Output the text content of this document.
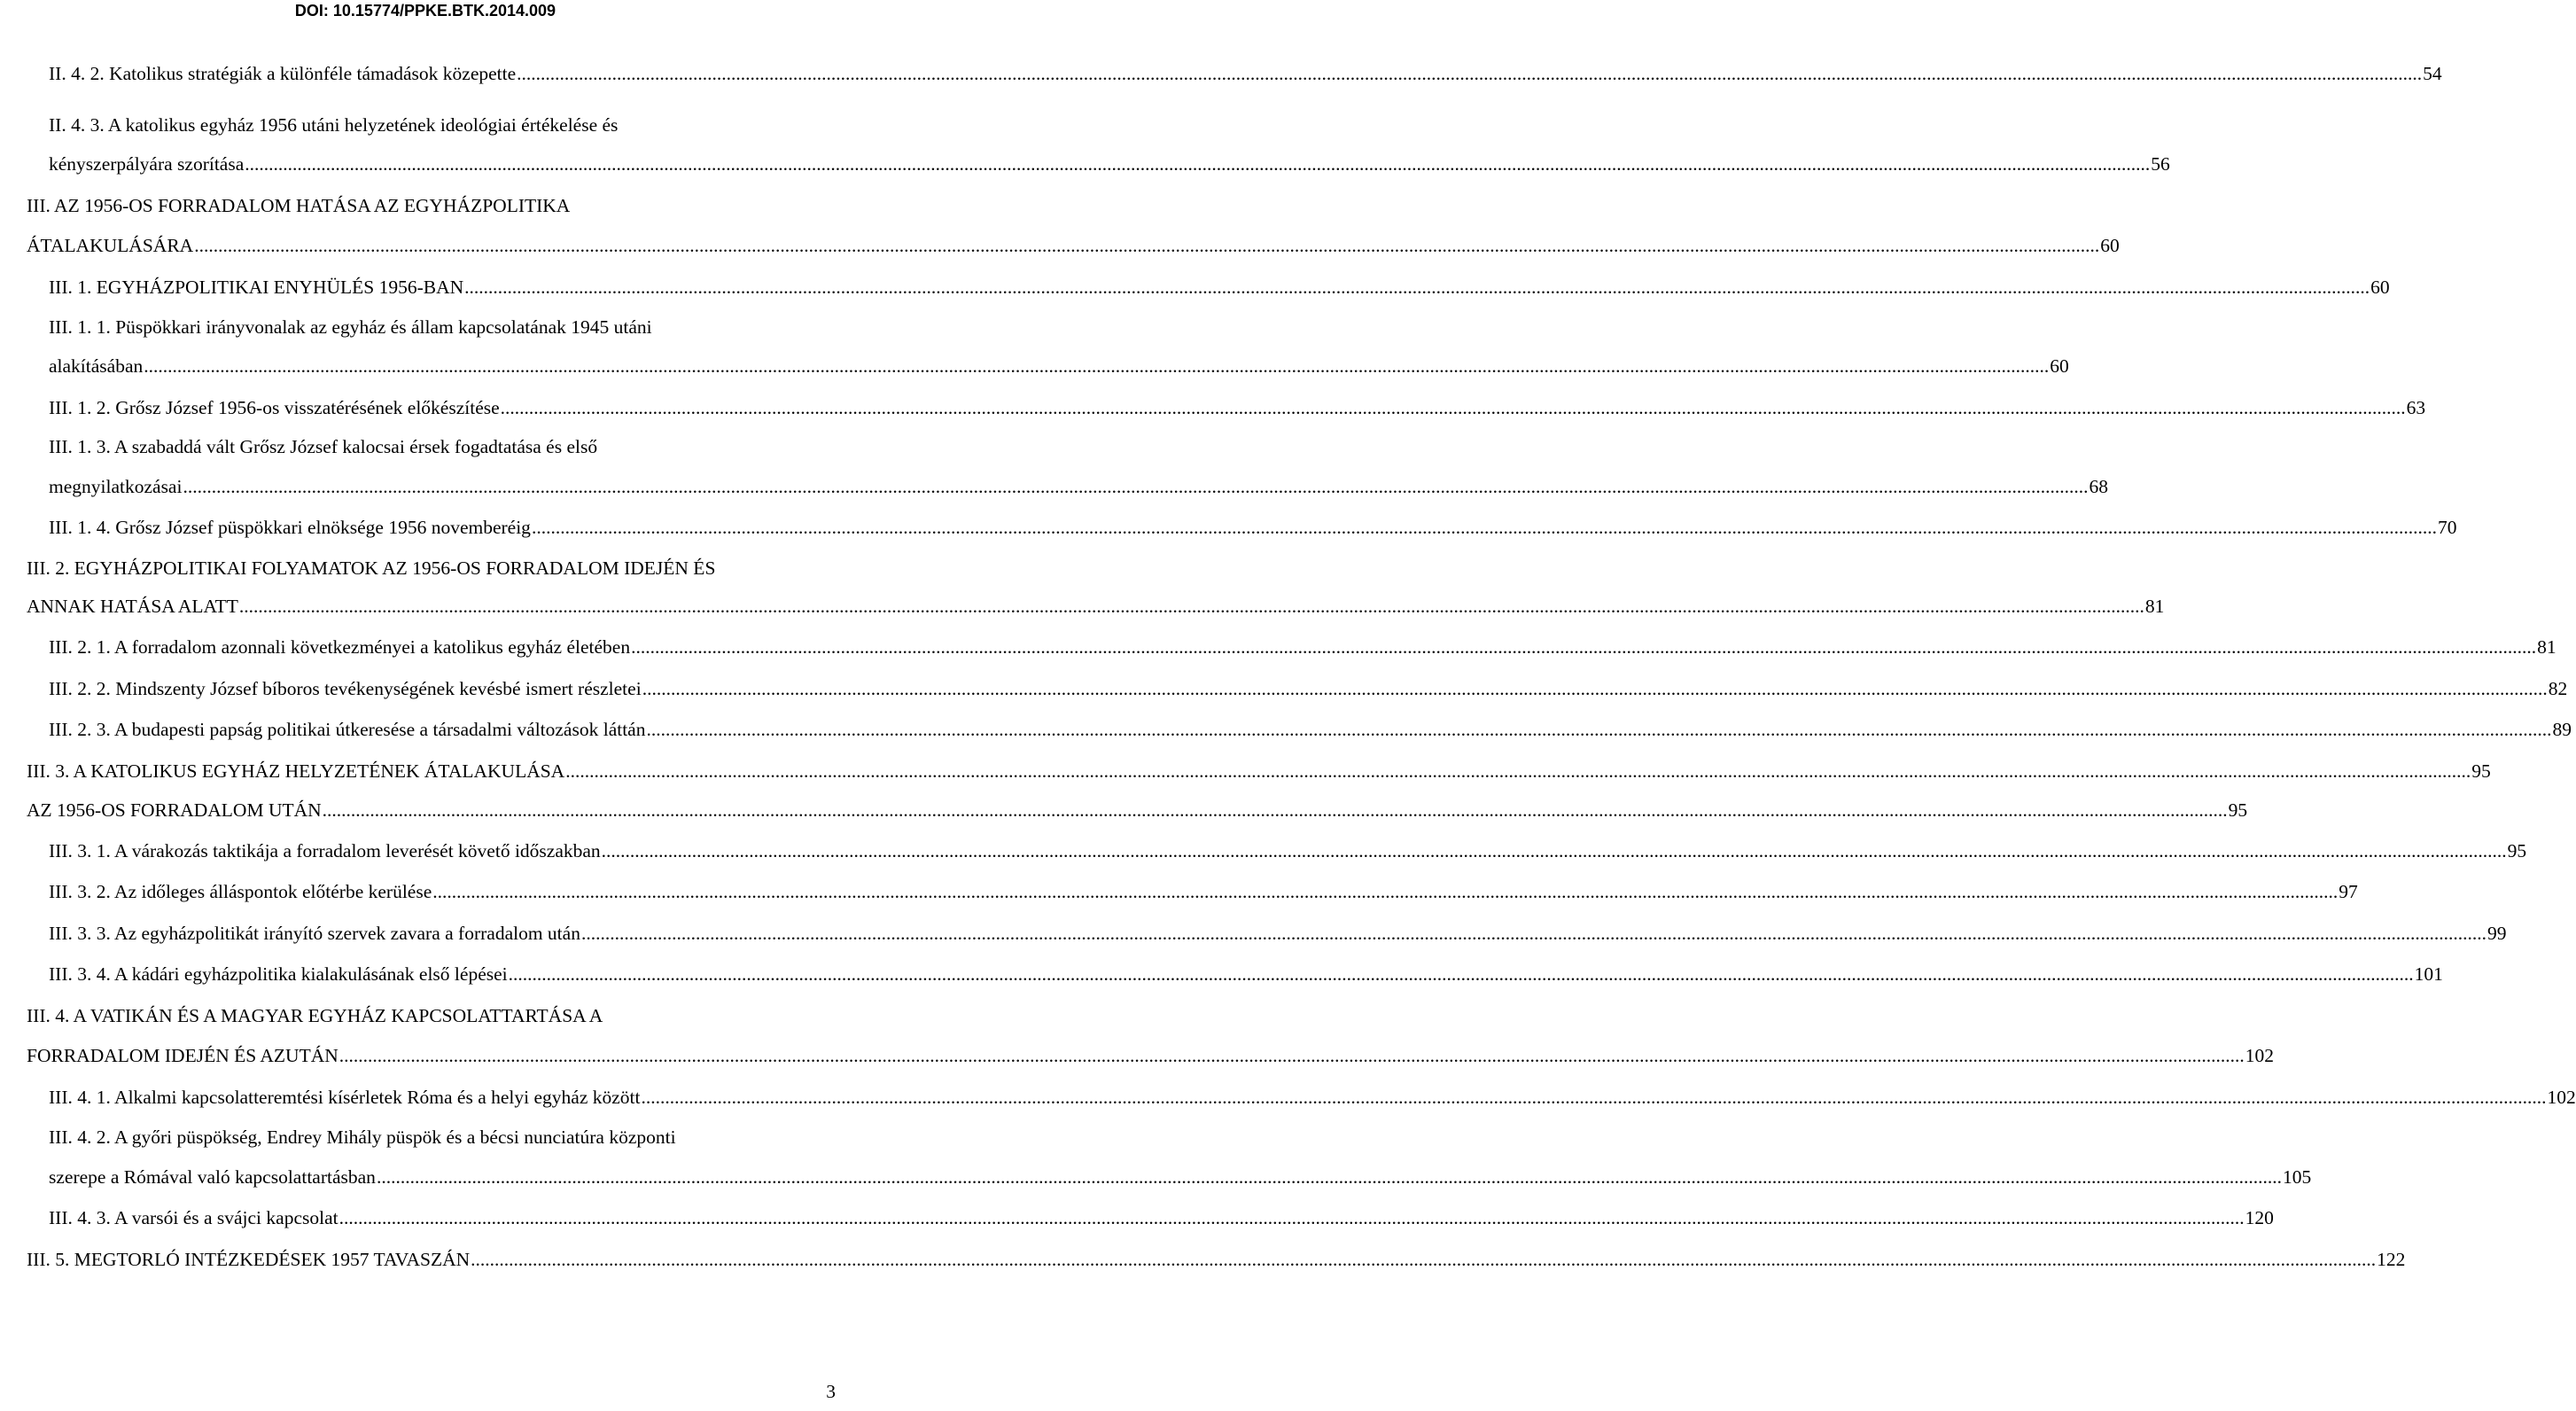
DOI: 10.15774/PPKE.BTK.2014.009
II. 4. 2. Katolikus stratégiák a különféle támadások közepette ................................................................................................................................................................................................................................................................................................................................................................................................................ 54
II. 4. 3. A katolikus egyház 1956 utáni helyzetének ideológiai értékelése és
kényszerpályára szorítása ................................................................................................................................................................................................................................................................................................................................................................................................................ 56
III. AZ 1956-OS FORRADALOM HATÁSA AZ EGYHÁZPOLITIKA
ÁTALAKULÁSÁRA ................................................................................................................................................................................................................................................................................................................................................................................................................ 60
III. 1. EGYHÁZPOLITIKAI ENYHÜLÉS 1956-BAN ................................................................................................................................................................................................................................................................................................................................................................................................................ 60
III. 1. 1. Püspökkari irányvonalak az egyház és állam kapcsolatának 1945 utáni
alakításában ................................................................................................................................................................................................................................................................................................................................................................................................................ 60
III. 1. 2. Grősz József 1956-os visszatérésének előkészítése ................................................................................................................................................................................................................................................................................................................................................................................................................ 63
III. 1. 3. A szabaddá vált Grősz József kalocsai érsek fogadtatása és első
megnyilatkozásai ................................................................................................................................................................................................................................................................................................................................................................................................................ 68
III. 1. 4. Grősz József püspökkari elnöksége 1956 novemberéig ................................................................................................................................................................................................................................................................................................................................................................................................................ 70
III. 2. EGYHÁZPOLITIKAI FOLYAMATOK AZ 1956-OS FORRADALOM IDEJÉN ÉS
ANNAK HATÁSA ALATT ................................................................................................................................................................................................................................................................................................................................................................................................................ 81
III. 2. 1. A forradalom azonnali következményei a katolikus egyház életében ................................................................................................................................................................................................................................................................................................................................................................................................................ 81
III. 2. 2. Mindszenty József bíboros tevékenységének kevésbé ismert részletei ................................................................................................................................................................................................................................................................................................................................................................................................................ 82
III. 2. 3. A budapesti papság politikai útkeresése a társadalmi változások láttán ................................................................................................................................................................................................................................................................................................................................................................................................................ 89
III. 3. A KATOLIKUS EGYHÁZ HELYZETÉNEK ÁTALAKULÁSA ................................................................................................................................................................................................................................................................................................................................................................................................................ 95
AZ 1956-OS FORRADALOM UTÁN ................................................................................................................................................................................................................................................................................................................................................................................................................ 95
III. 3. 1. A várakozás taktikája a forradalom leverését követő időszakban ................................................................................................................................................................................................................................................................................................................................................................................................................ 95
III. 3. 2. Az időleges álláspontok előtérbe kerülése ................................................................................................................................................................................................................................................................................................................................................................................................................ 97
III. 3. 3. Az egyházpolitikát irányító szervek zavara a forradalom után ................................................................................................................................................................................................................................................................................................................................................................................................................ 99
III. 3. 4. A kádári egyházpolitika kialakulásának első lépései ................................................................................................................................................................................................................................................................................................................................................................................................................ 101
III. 4. A VATIKÁN ÉS A MAGYAR EGYHÁZ KAPCSOLATTARTÁSA A
FORRADALOM IDEJÉN ÉS AZUTÁN ................................................................................................................................................................................................................................................................................................................................................................................................................ 102
III. 4. 1. Alkalmi kapcsolatteremtési kísérletek Róma és a helyi egyház között ................................................................................................................................................................................................................................................................................................................................................................................................................ 102
III. 4. 2. A győri püspökség, Endrey Mihály püspök és a bécsi nunciatúra központi
szerepe a Rómával való kapcsolattartásban ................................................................................................................................................................................................................................................................................................................................................................................................................ 105
III. 4. 3. A varsói és a svájci kapcsolat ................................................................................................................................................................................................................................................................................................................................................................................................................ 120
III. 5. MEGTORLÓ INTÉZKEDÉSEK 1957 TAVASZÁN ................................................................................................................................................................................................................................................................................................................................................................................................................ 122
3
